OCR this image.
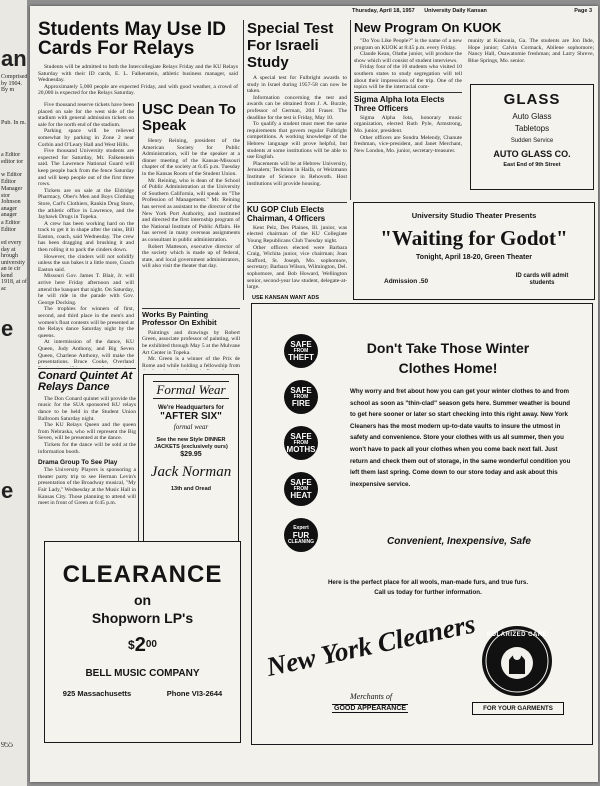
an
Comprised by 1904. By m
Pub. In m.
a Editor editor tor
w Editor Editor
Manager stor Johnson anager anager
a Editor Editor
ed every day at hrough university an ie cir kend 1918, at of ac
e
e
955
Thursday, April 18, 1957 University Daily Kansan	Page 3
Students May Use ID Cards For Relays

Students will be admitted to both the Intercollegiate Relays Friday and the KU Relays Saturday with their ID cards, E. L. Falkenstein, athletic business manager, said Wednesday.

Approximately 5,000 people are expected Friday, and with good weather, a crowd of 20,000 is expected for the Relays Saturday.

Five thousand reserve tickets have been placed on sale for the west side of the stadium with general admission tickets on sale for the north end of the stadium.

Parking space will be relieved somewhat by parking in Zone 2 near Corbin and O'Leary Hall and West Hills.

Five thousand University students are expected for Saturday, Mr. Falkenstein said. The Lawrence National Guard will keep people back from the fence Saturday and will keep people out of the first three rows.

Tickets are on sale at the Eldridge Pharmacy, Ober's Men and Boys Clothing Store, Carl's Clothiers, Rankin Drug Store, the athletic office in Lawrence, and the Jayhawk Drugs in Topeka.

A crew has been working hard on the track to get it in shape after the rains, Bill Easton, coach, said Wednesday. The crew has been dragging and brushing it and then rolling it to pack the cinders down.

However, the cinders will not solidify unless the sun bakes it a little more, Coach Easton said.

Missouri Gov. James T. Blair, Jr. will arrive here Friday afternoon and will attend the banquet that night. On Saturday, he will ride in the parade with Gov. George Docking.

The trophies for winners of first, second, and third place in the men's and women's float contests will be presented at the Relays dance Saturday night by the queens.

At intermission of the dance, KU Queen, Judy Anthony, and Big Seven Queen, Charlene Anthony, will make the presentations. Bruce Cooke, Overland

Conard Quintet At Relays Dance

The Don Conard quintet will provide the music for the SUA sponsored KU relays dance to be held in the Student Union Ballroom Saturday night.

The KU Relays Queen and the queen from Nebraska, who will represent the Big Seven, will be presented at the dance.

Tickets for the dance will be sold at the information booth.

Drama Group To See Play

The University Players is sponsoring a theater party trip to see Herman Levin's presentation of the Broadway musical, "My Fair Lady," Wednesday at the Music Hall in Kansas City. Those planning to attend will meet in front of Green at 6:45 p.m.

USC Dean To Speak

Henry Reining, president of the American Society for Public Administration, will be the speaker at a dinner meeting of the Kansas-Missouri chapter of the society at 6:45 p.m. Tuesday in the Kansas Room of the Student Union.

Mr. Reining, who is dean of the School of Public Administration at the University of Southern California, will speak on "The Profession of Management." Mr. Reining has served as assistant to the director of the New York Port Authority, and instituted and directed the first internship program of the National Institute of Public Affairs. He has served in many overseas assignments as consultant in public administration.

Robert Matteson, executive director of the society which is made up of federal, state, and local government administrators, will also visit the theater that day.

Works By Painting Professor On Exhibit

Paintings and drawings by Robert Green, associate professor of painting, will be exhibited through May 5 at the Mulvane Art Center in Topeka.

Mr. Green is a winner of the Prix de Rome and while holding a fellowship from

Formal Wear
We're Headquarters for
"AFTER SIX"
formal wear
See the new Style DINNER JACKETS (exclusively ours)
$29.95
Jack Norman
13th and Oread
Special Test For Israeli Study

A special test for Fulbright awards to study in Israel during 1957-58 can now be taken.

Information concerning the test and awards can be obtained from J. A. Burzle, professor of German, 204 Fraser. The deadline for the test is Friday, May 10.

To qualify a student must meet the same requirements that govern regular Fulbright competitions. A working knowledge of the Hebrew language will prove helpful, but students at some institutions will be able to use English.

Placements will be at Hebrew University, Jerusalem; Technion in Haifa, or Weizmann Institute of Science in Rehovoth. Host institutions will provide housing.

KU GOP Club Elects Chairman, 4 Officers

Kent Pelz, Des Plaines, Ill. junior, was elected chairman of the KU Collegiate Young Republicans Club Tuesday night.

Other officers elected were Barbara Craig, Wichita junior, vice chairman; Joan Stafford, St. Joseph, Mo. sophomore, secretary; Barbara Wilson, Wilmington, Del. sophomore, and Bob Howard, Wellington senior, second-year law student, delegate-at-large.

USE KANSAN WANT ADS
New Program On KUOK

"Do You Like People?" is the name of a new program on KUOK at 8:45 p.m. every Friday.

Claude Kean, Olathe junior, will produce the show which will consist of student interviews.

Friday four of the 10 students who visited 10 southern states to study segregation will tell about their impressions of the trip. One of the topics will be the interracial com-

munity at Koinonia, Ga. The students are Jon Ihde, Hope junior; Calvin Cormack, Abilene sophomore; Nancy Hall, Osawatomie freshman; and Larry Shreve, Blue Springs, Mo. senior.

Sigma Alpha Iota Elects Three Officers

Sigma Alpha Iota, honorary music organization, elected Ruth Pyle, Armstrong, Mo. junior, president.

Other officers are Sondra Melendy, Chanute freshman, vice-president, and Janet Merchant, New London, Mo. junior, secretary-treasurer.

GLASS
Auto Glass
Tabletops
Sudden Service
AUTO GLASS CO.
East End of 9th Street
University Studio Theater Presents
"Waiting for Godot"
Tonight, April 18-20, Green Theater
Admission .50
ID cards will admit students
CLEARANCE
on
Shopworn LP's
$^{\$}2^{00}$
BELL MUSIC COMPANY
925 Massachusetts	Phone VI3-2644
SAFE
FROM
THEFT
SAFE
FROM
FIRE
SAFE
FROM
MOTHS
SAFE
FROM
HEAT
Expert
FUR
CLEANING
Don't Take Those Winter Clothes Home!
Why worry and fret about how you can get your winter clothes to and from school as soon as "thin-clad" season gets here. Summer weather is bound to get here sooner or later so start checking into this right away. New York Cleaners has the most modern up-to-date vaults to insure the utmost in safety and convenience. Store your clothes with us all summer, then you won't have to pack all your clothes when you come back next fall. Just return and check them out of storage, in the same wonderful condition you left them last spring. Come down to our store today and ask about this inexpensive service.
Convenient, Inexpensive, Safe
Here is the perfect place for all wools, man-made furs, and true furs. Call us today for further information.
New York Cleaners
Merchants of
GOOD APPEARANCE
POLARIZED CARE
FOR YOUR GARMENTS
